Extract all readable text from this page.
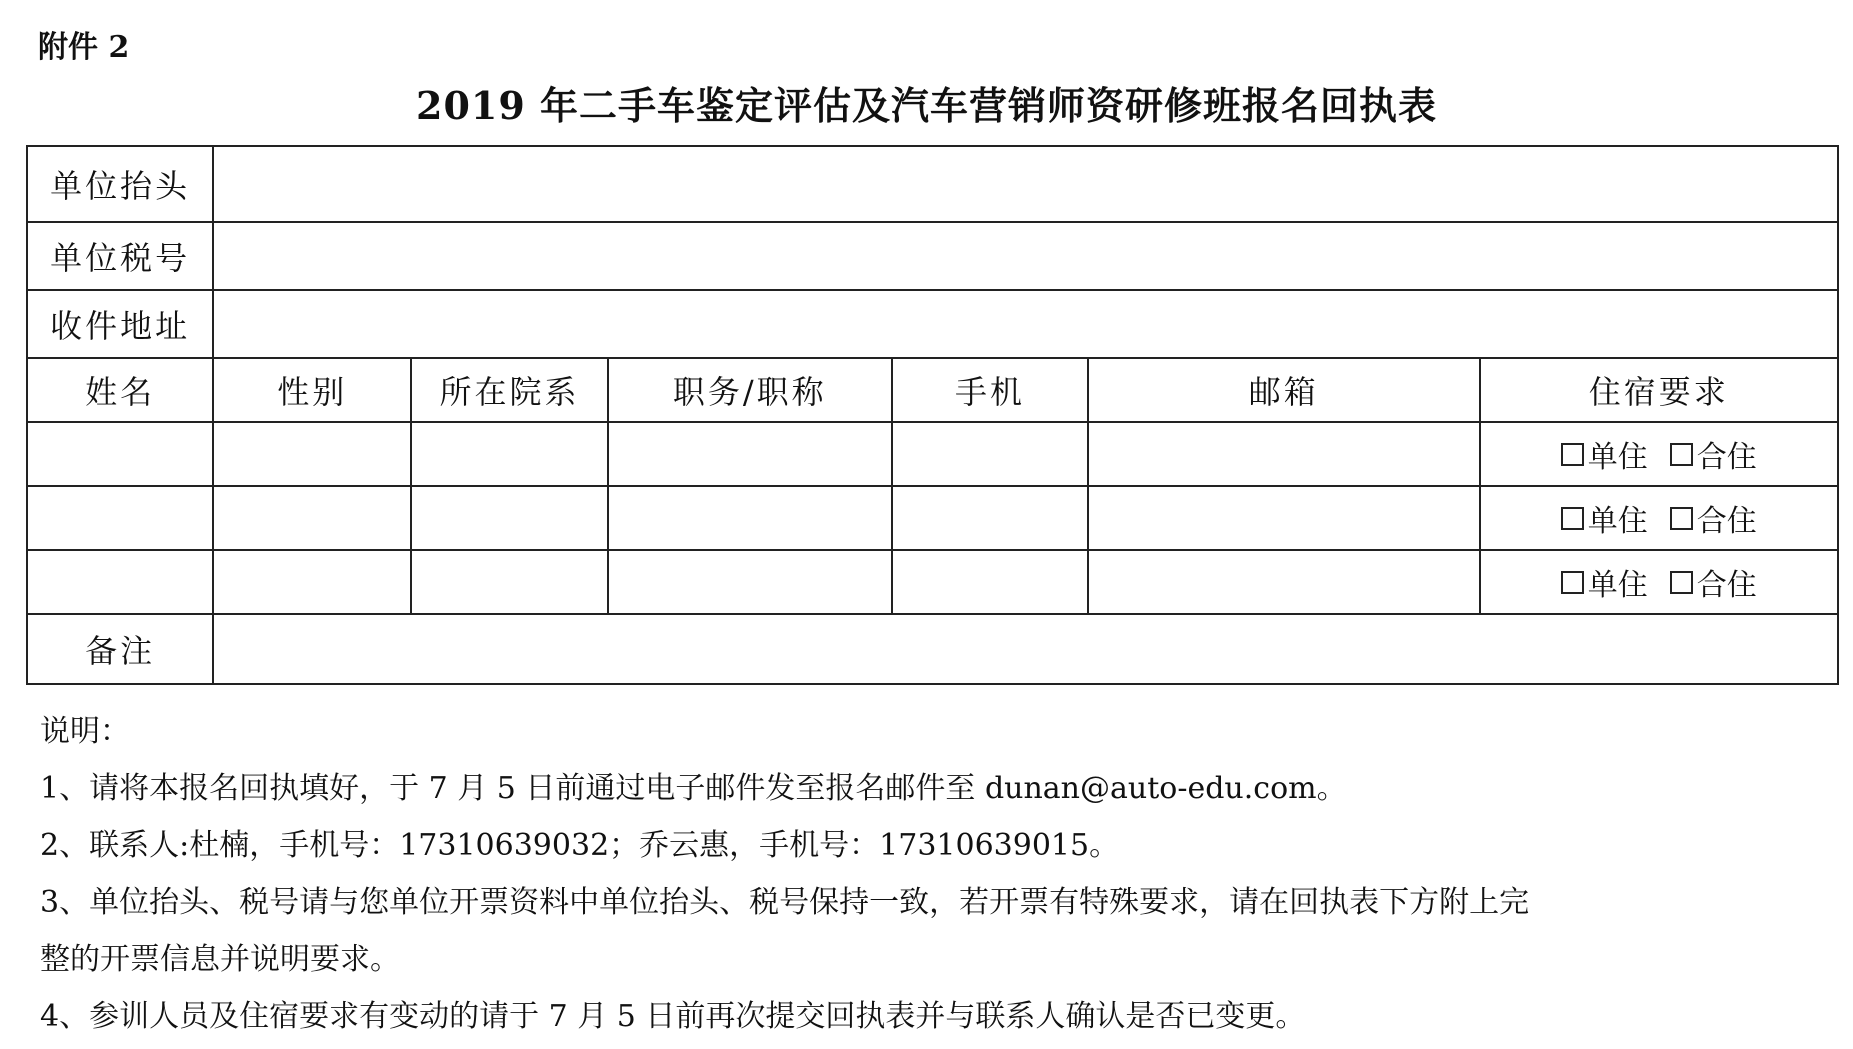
附件 2
2019 年二手车鉴定评估及汽车营销师资研修班报名回执表
单位抬头						
单位税号						
收件地址						
姓名	性别	所在院系	职务/职称	手机	邮箱	住宿要求

						单住 合住

						单住 合住

						单住 合住

备注						
说明：
1、请将本报名回执填好，于 7 月 5 日前通过电子邮件发至报名邮件至 dunan@auto-edu.com。
2、联系人:杜楠，手机号：17310639032；乔云惠，手机号：17310639015。
3、单位抬头、税号请与您单位开票资料中单位抬头、税号保持一致，若开票有特殊要求，请在回执表下方附上完
整的开票信息并说明要求。
4、参训人员及住宿要求有变动的请于 7 月 5 日前再次提交回执表并与联系人确认是否已变更。
